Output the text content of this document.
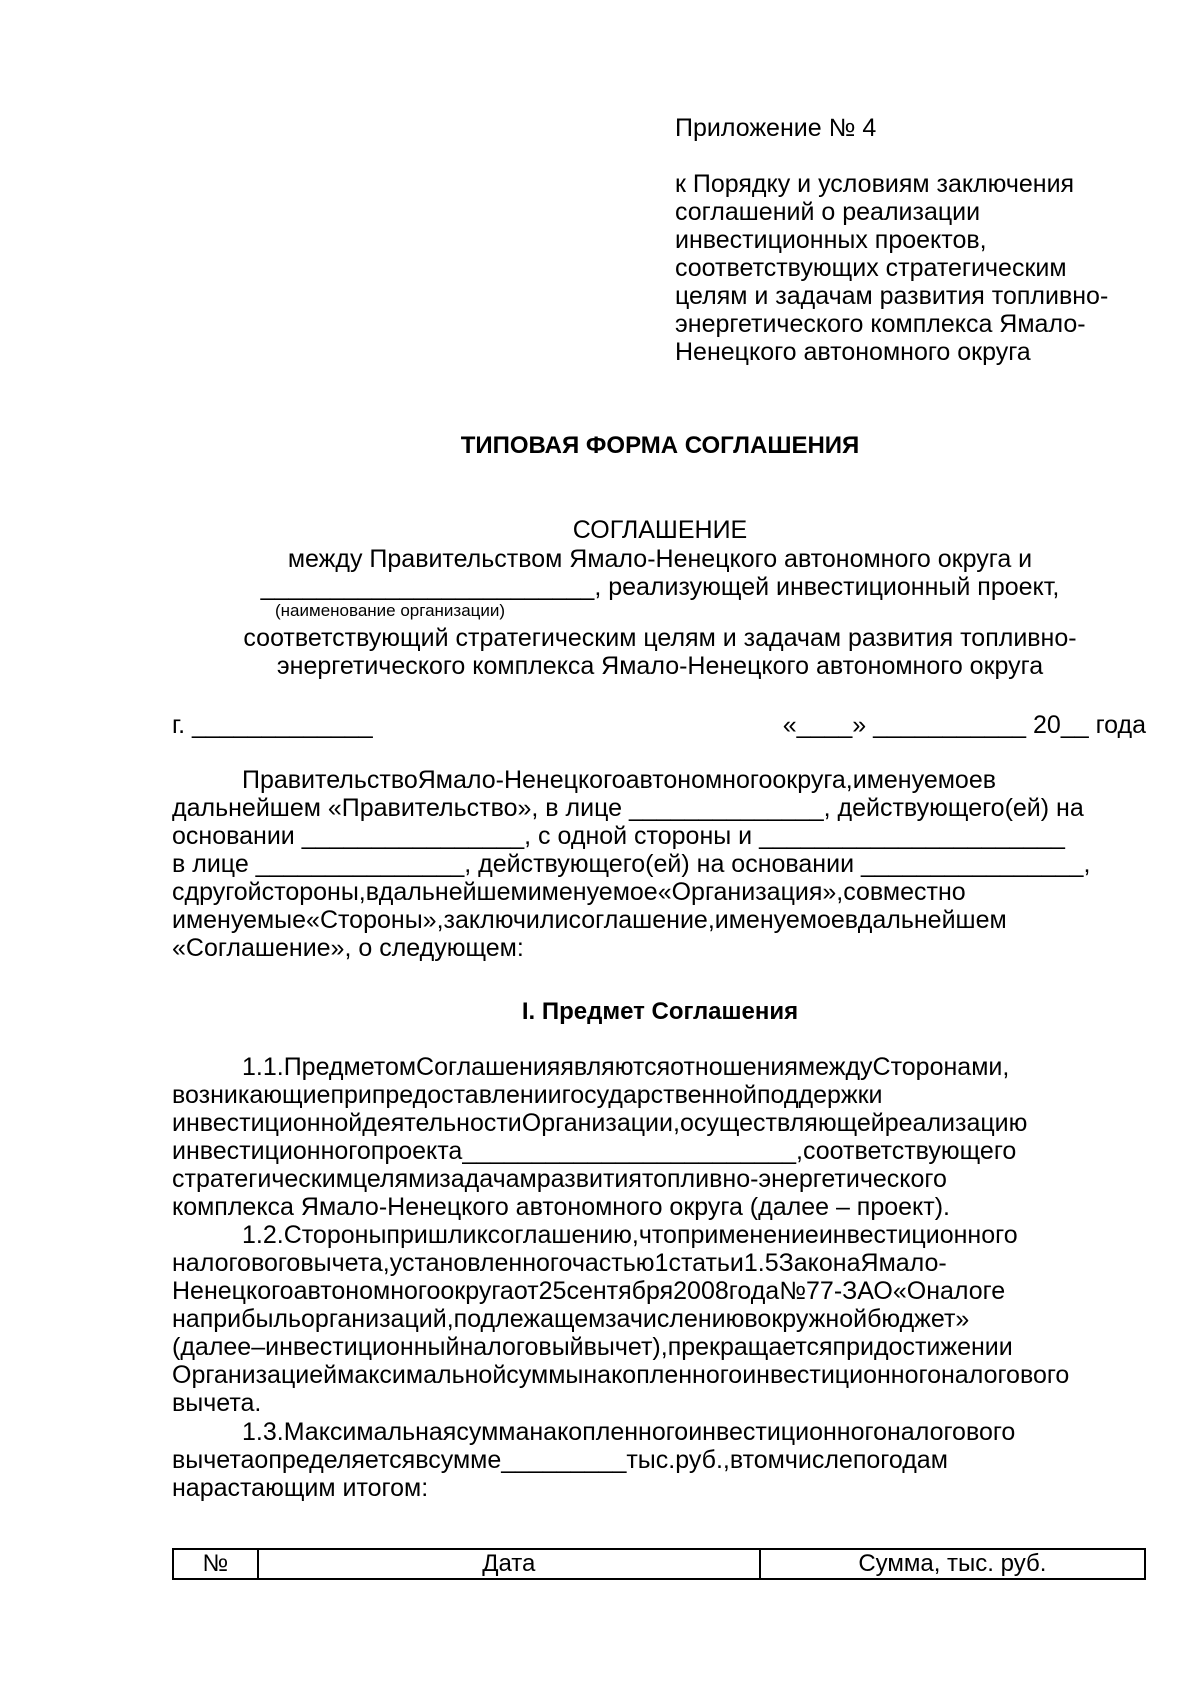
Приложение № 4
к Порядку и условиям заключения
соглашений о реализации
инвестиционных проектов,
соответствующих стратегическим
целям и задачам развития топливно-
энергетического комплекса Ямало-
Ненецкого автономного округа
ТИПОВАЯ ФОРМА СОГЛАШЕНИЯ
СОГЛАШЕНИЕ
между Правительством Ямало-Ненецкого автономного округа и
________________________, реализующей инвестиционный проект,
(наименование организации)
соответствующий стратегическим целям и задачам развития топливно-
энергетического комплекса Ямало-Ненецкого автономного округа
г. _____________	«____» ___________ 20__ года
ПравительствоЯмало-Ненецкогоавтономногоокруга,именуемоев
дальнейшем «Правительство», в лице ______________, действующего(ей) на
основании ________________, с одной стороны и ______________________
в лице _______________, действующего(ей) на основании ________________,
сдругойстороны,вдальнейшемименуемое«Организация»,совместно
именуемые«Стороны»,заключилисоглашение,именуемоевдальнейшем
«Соглашение», о следующем:
I. Предмет Соглашения
1.1.ПредметомСоглашенияявляютсяотношениямеждуСторонами,
возникающиеприпредоставлениигосударственнойподдержки
инвестиционнойдеятельностиОрганизации,осуществляющейреализацию
инвестиционногопроекта________________________,соответствующего
стратегическимцелямизадачамразвитиятопливно-энергетического
комплекса Ямало-Ненецкого автономного округа (далее – проект).
1.2.Стороныпришликсоглашению,чтоприменениеинвестиционного
налоговоговычета,установленногочастью1статьи1.5ЗаконаЯмало-
Ненецкогоавтономногоокругаот25сентября2008года№77-ЗАО«Оналоге
наприбыльорганизаций,подлежащемзачислениювокружнойбюджет»
(далее–инвестиционныйналоговыйвычет),прекращаетсяпридостижении
Организациеймаксимальнойсуммынакопленногоинвестиционногоналогового
вычета.
1.3.Максимальнаясумманакопленногоинвестиционногоналогового
вычетаопределяетсявсумме_________тыс.руб.,втомчислепогодам
нарастающим итогом:
№	Дата	Сумма, тыс. руб.
